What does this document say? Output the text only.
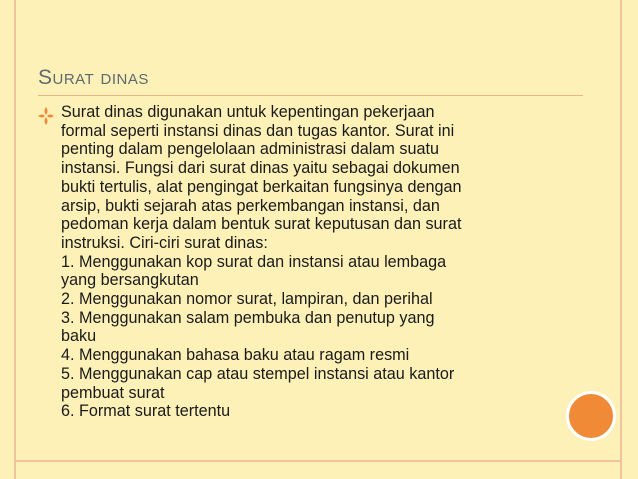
Surat dinas
Surat dinas digunakan untuk kepentingan pekerjaan
formal seperti instansi dinas dan tugas kantor. Surat ini
penting dalam pengelolaan administrasi dalam suatu
instansi. Fungsi dari surat dinas yaitu sebagai dokumen
bukti tertulis, alat pengingat berkaitan fungsinya dengan
arsip, bukti sejarah atas perkembangan instansi, dan
pedoman kerja dalam bentuk surat keputusan dan surat
instruksi. Ciri-ciri surat dinas:
1. Menggunakan kop surat dan instansi atau lembaga
yang bersangkutan
2. Menggunakan nomor surat, lampiran, dan perihal
3. Menggunakan salam pembuka dan penutup yang
baku
4. Menggunakan bahasa baku atau ragam resmi
5. Menggunakan cap atau stempel instansi atau kantor
pembuat surat
6. Format surat tertentu
